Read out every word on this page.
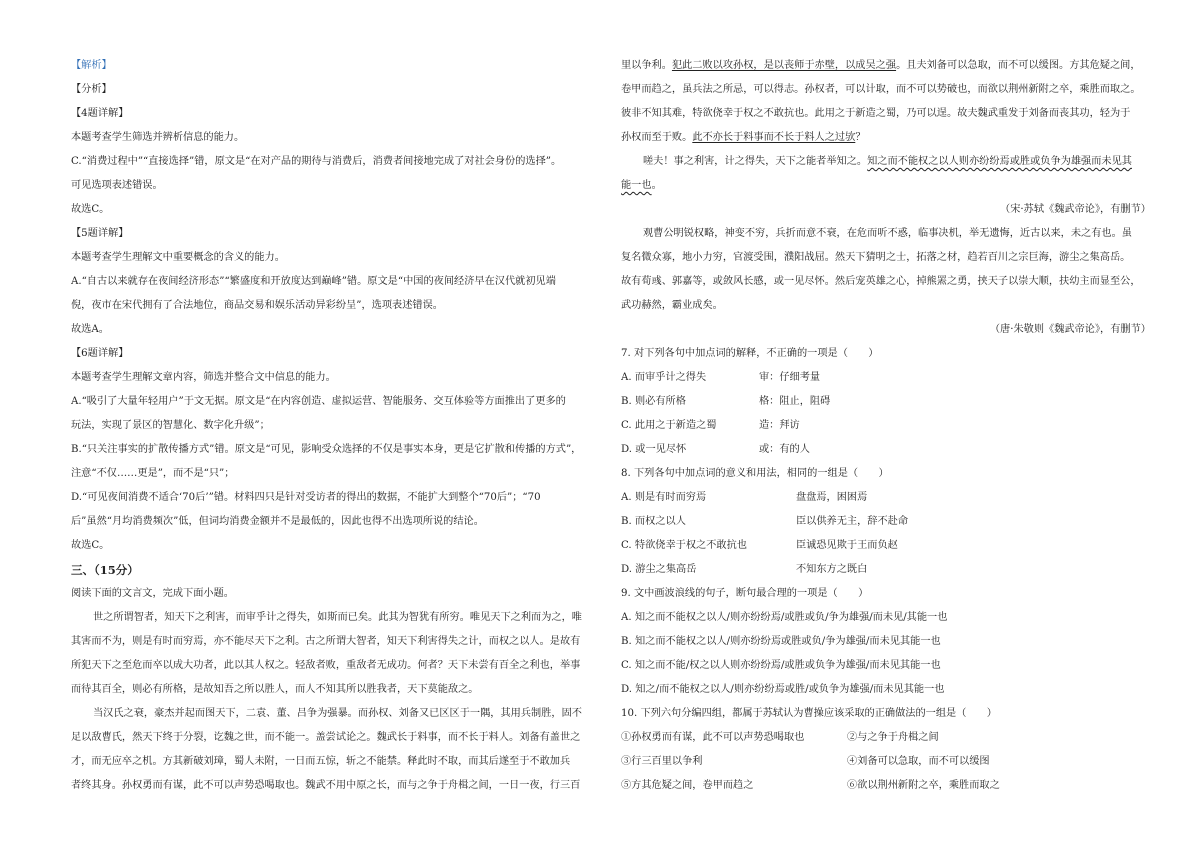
【解析】
【分析】
【4题详解】
本题考查学生筛选并辨析信息的能力。
C.“消费过程中”“直接选择”错，原文是“在对产品的期待与消费后，消费者间接地完成了对社会身份的选择”。
可见选项表述错误。
故选C。
【5题详解】
本题考查学生理解文中重要概念的含义的能力。
A.“自古以来就存在夜间经济形态”“繁盛度和开放度达到巅峰”错。原文是“中国的夜间经济早在汉代就初见端
倪，夜市在宋代拥有了合法地位，商品交易和娱乐活动异彩纷呈”，选项表述错误。
故选A。
【6题详解】
本题考查学生理解文章内容，筛选并整合文中信息的能力。
A.“吸引了大量年轻用户”于文无据。原文是“在内容创造、虚拟运营、智能服务、交互体验等方面推出了更多的
玩法，实现了景区的智慧化、数字化升级”；
B.“只关注事实的扩散传播方式”错。原文是“可见，影响受众选择的不仅是事实本身，更是它扩散和传播的方式”，
注意“不仅……更是”，而不是“只”；
D.“可见夜间消费不适合‘70后’”错。材料四只是针对受访者的得出的数据，不能扩大到整个“70后”；“70
后”虽然“月均消费频次”低，但词均消费金额并不是最低的，因此也得不出选项所说的结论。
故选C。
三、（15分）
阅读下面的文言文，完成下面小题。
世之所谓智者，知天下之利害，而审乎计之得失，如斯而已矣。此其为智犹有所穷。唯见天下之利而为之，唯
其害而不为，则是有时而穷焉，亦不能尽天下之利。古之所谓大智者，知天下利害得失之计，而权之以人。是故有
所犯天下之至危而卒以成大功者，此以其人权之。轻敌者败，重敌者无成功。何者？天下未尝有百全之利也，举事
而待其百全，则必有所格，是故知吾之所以胜人，而人不知其所以胜我者，天下莫能敌之。
当汉氏之衰，豪杰并起而图天下，二袁、董、吕争为强暴。而孙权、刘备又已区区于一隅，其用兵制胜，固不
足以敌曹氏，然天下终于分裂，讫魏之世，而不能一。盖尝试论之。魏武长于料事，而不长于料人。刘备有盖世之
才，而无应卒之机。方其新破刘璋，蜀人未附，一日而五惊，斩之不能禁。释此时不取，而其后遂至于不敢加兵
者终其身。孙权勇而有谋，此不可以声势恐喝取也。魏武不用中原之长，而与之争于舟楫之间，一日一夜，行三百
里以争利。犯此二败以攻孙权，是以丧师于赤壁，以成吴之强。且夫刘备可以急取，而不可以缓图。方其危疑之间，
卷甲而趋之，虽兵法之所忌，可以得志。孙权者，可以计取，而不可以势破也，而欲以荆州新附之卒，乘胜而取之。
彼非不知其难，特欲侥幸于权之不敢抗也。此用之于新造之蜀，乃可以逞。故夫魏武重发于刘备而丧其功，轻为于
孙权而至于败。此不亦长于料事而不长于料人之过欤？
嗟夫！事之利害，计之得失，天下之能者举知之。知之而不能权之以人则亦纷纷焉或胜或负争为雄强而未见其
能一也。
（宋·苏轼《魏武帝论》，有删节）
观曹公明锐权略，神变不穷，兵折而意不衰，在危而听不惑，临事决机，举无遗悔，近古以来，未之有也。虽
复名微众寡，地小力穷，官渡受围，濮阳战屈。然天下猜明之士，拓落之材，趋若百川之宗巨海，游尘之集高岳。
故有荀彧、郭嘉等，或敛风长感，或一见尽怀。然后宠英雄之心，掉熊罴之勇，挟天子以崇大顺，扶幼主而显至公，
武功赫然，霸业成矣。
（唐·朱敬则《魏武帝论》，有删节）
7. 对下列各句中加点词的解释，不正确的一项是（　　）
A. 而审乎计之得失	审：仔细考量
B. 则必有所格	格：阻止，阻碍
C. 此用之于新造之蜀	造：拜访
D. 或一见尽怀	或：有的人
8. 下列各句中加点词的意义和用法，相同的一组是（　　）
A. 则是有时而穷焉	盘盘焉，困困焉
B. 而权之以人	臣以供养无主，辞不赴命
C. 特欲侥幸于权之不敢抗也	臣诚恐见欺于王而负赵
D. 游尘之集高岳	不知东方之既白
9. 文中画波浪线的句子，断句最合理的一项是（　　）
A. 知之而不能权之以人/则亦纷纷焉/或胜或负/争为雄强/而未见/其能一也
B. 知之而不能权之以人/则亦纷纷焉或胜或负/争为雄强/而未见其能一也
C. 知之而不能/权之以人则亦纷纷焉/或胜或负争为雄强/而未见其能一也
D. 知之/而不能权之以人/则亦纷纷焉或胜/或负争为雄强/而未见其能一也
10. 下列六句分编四组，都属于苏轼认为曹操应该采取的正确做法的一组是（　　）
①孙权勇而有谋，此不可以声势恐喝取也	②与之争于舟楫之间
③行三百里以争利	④刘备可以急取，而不可以缓图
⑤方其危疑之间，卷甲而趋之	⑥欲以荆州新附之卒，乘胜而取之
